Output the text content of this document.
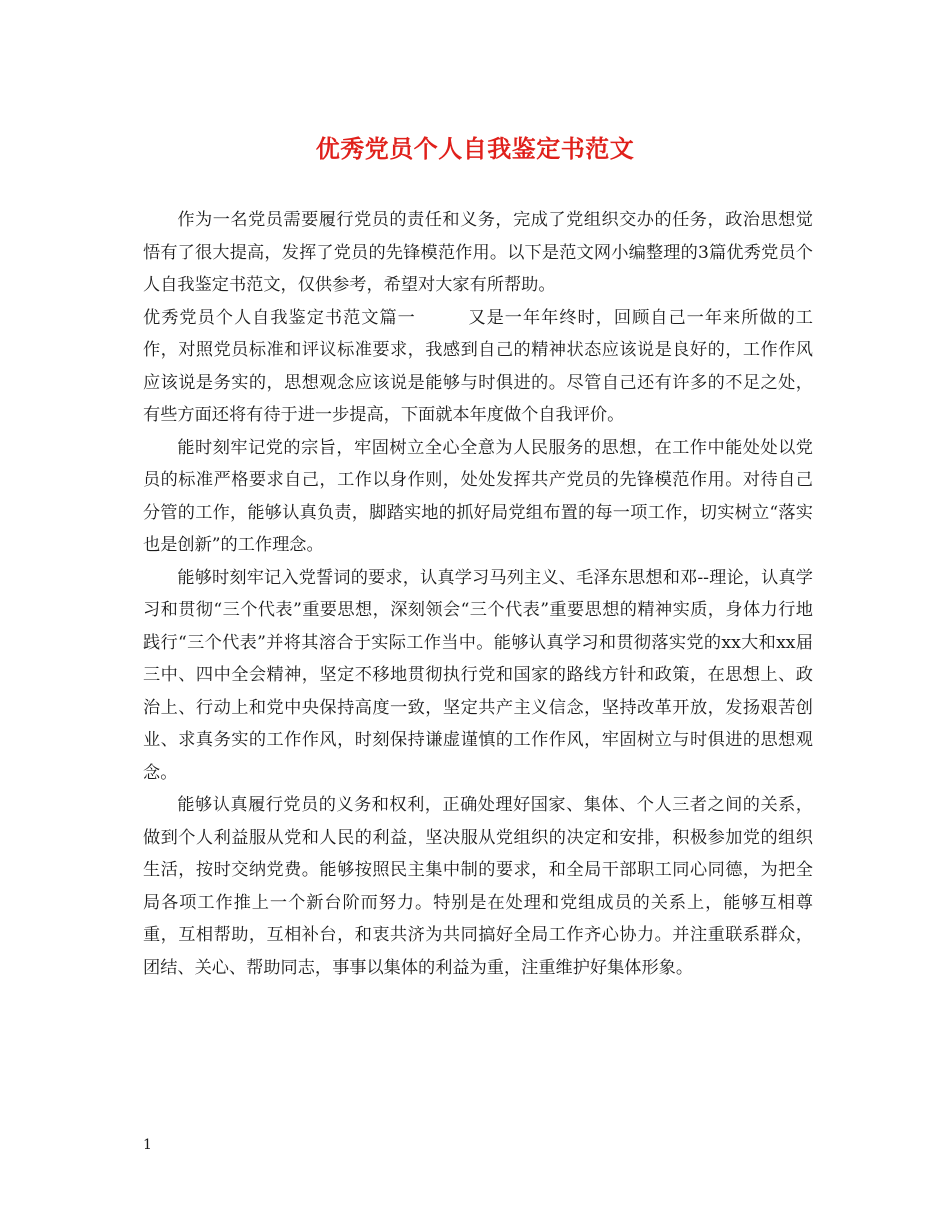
优秀党员个人自我鉴定书范文

作为一名党员需要履行党员的责任和义务，完成了党组织交办的任务，政治思想觉悟有了很大提高，发挥了党员的先锋模范作用。以下是范文网小编整理的3篇优秀党员个人自我鉴定书范文，仅供参考，希望对大家有所帮助。

优秀党员个人自我鉴定书范文篇一	又是一年年终时，回顾自己一年来所做的工作，对照党员标准和评议标准要求，我感到自己的精神状态应该说是良好的，工作作风应该说是务实的，思想观念应该说是能够与时俱进的。尽管自己还有许多的不足之处，有些方面还将有待于进一步提高，下面就本年度做个自我评价。

能时刻牢记党的宗旨，牢固树立全心全意为人民服务的思想，在工作中能处处以党员的标准严格要求自己，工作以身作则，处处发挥共产党员的先锋模范作用。对待自己分管的工作，能够认真负责，脚踏实地的抓好局党组布置的每一项工作，切实树立“落实也是创新”的工作理念。

能够时刻牢记入党誓词的要求，认真学习马列主义、毛泽东思想和邓--理论，认真学习和贯彻“三个代表”重要思想，深刻领会“三个代表”重要思想的精神实质，身体力行地践行“三个代表”并将其溶合于实际工作当中。能够认真学习和贯彻落实党的xx大和xx届三中、四中全会精神，坚定不移地贯彻执行党和国家的路线方针和政策，在思想上、政治上、行动上和党中央保持高度一致，坚定共产主义信念，坚持改革开放，发扬艰苦创业、求真务实的工作作风，时刻保持谦虚谨慎的工作作风，牢固树立与时俱进的思想观念。

能够认真履行党员的义务和权利，正确处理好国家、集体、个人三者之间的关系，做到个人利益服从党和人民的利益，坚决服从党组织的决定和安排，积极参加党的组织生活，按时交纳党费。能够按照民主集中制的要求，和全局干部职工同心同德，为把全局各项工作推上一个新台阶而努力。特别是在处理和党组成员的关系上，能够互相尊重，互相帮助，互相补台，和衷共济为共同搞好全局工作齐心协力。并注重联系群众，团结、关心、帮助同志，事事以集体的利益为重，注重维护好集体形象。

1
